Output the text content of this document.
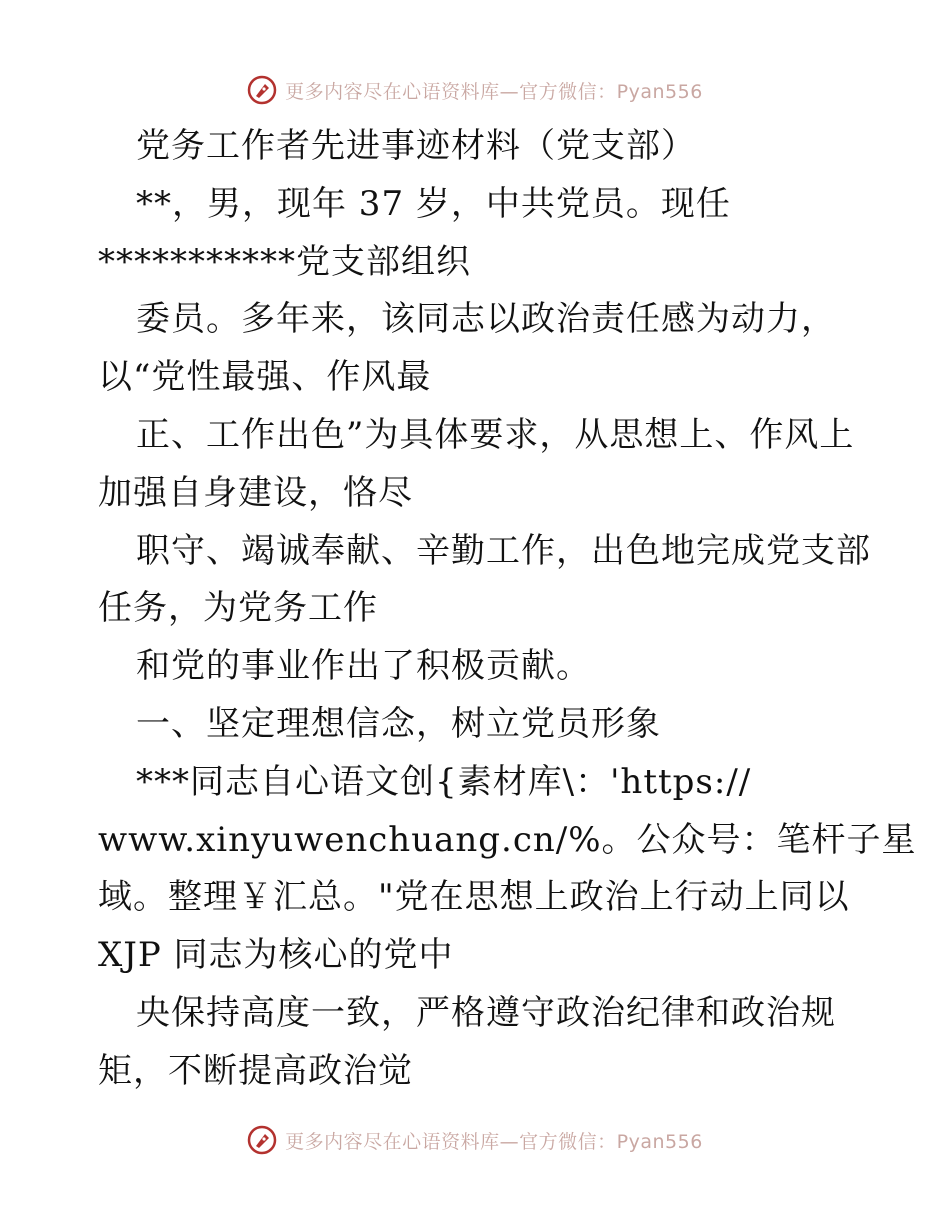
更多内容尽在心语资料库—官方微信：Pyan556
党务工作者先进事迹材料（党支部）
**，男，现年 37 岁，中共党员。现任
***********党支部组织
委员。多年来，该同志以政治责任感为动力，
以“党性最强、作风最
正、工作出色”为具体要求，从思想上、作风上
加强自身建设，恪尽
职守、竭诚奉献、辛勤工作，出色地完成党支部
任务，为党务工作
和党的事业作出了积极贡献。
一、坚定理想信念，树立党员形象
***同志自心语文创{素材库\：'https://
www.xinyuwenchuang.cn/%。公众号：笔杆子星
域。整理￥汇总。"党在思想上政治上行动上同以
XJP 同志为核心的党中
央保持高度一致，严格遵守政治纪律和政治规
矩，不断提高政治觉
更多内容尽在心语资料库—官方微信：Pyan556
